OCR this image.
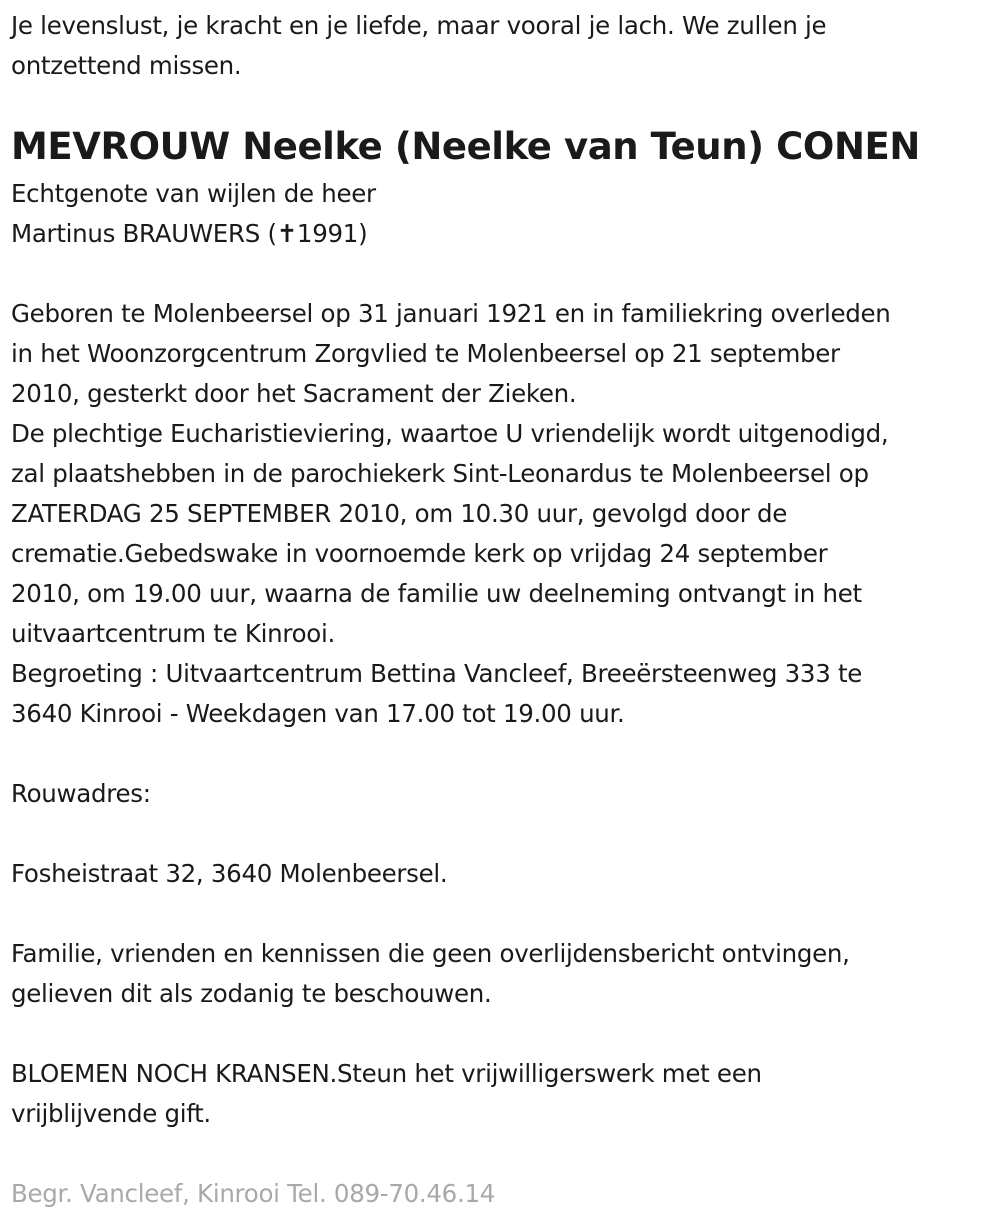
Je levenslust, je kracht en je liefde, maar vooral je lach. We zullen je

ontzettend missen.

MEVROUW Neelke (Neelke van Teun) CONEN

Echtgenote van wijlen de heer

Martinus BRAUWERS (✝1991)

Geboren te Molenbeersel op 31 januari 1921 en in familiekring overleden

in het Woonzorgcentrum Zorgvlied te Molenbeersel op 21 september

2010, gesterkt door het Sacrament der Zieken.

De plechtige Eucharistieviering, waartoe U vriendelijk wordt uitgenodigd,

zal plaatshebben in de parochiekerk Sint-Leonardus te Molenbeersel op

ZATERDAG 25 SEPTEMBER 2010, om 10.30 uur, gevolgd door de

crematie.Gebedswake in voornoemde kerk op vrijdag 24 september

2010, om 19.00 uur, waarna de familie uw deelneming ontvangt in het

uitvaartcentrum te Kinrooi.

Begroeting : Uitvaartcentrum Bettina Vancleef, Breeërsteenweg 333 te

3640 Kinrooi - Weekdagen van 17.00 tot 19.00 uur.

Rouwadres:

Fosheistraat 32, 3640 Molenbeersel.

Familie, vrienden en kennissen die geen overlijdensbericht ontvingen,

gelieven dit als zodanig te beschouwen.

BLOEMEN NOCH KRANSEN.Steun het vrijwilligerswerk met een

vrijblijvende gift.

Begr. Vancleef, Kinrooi Tel. 089-70.46.14
